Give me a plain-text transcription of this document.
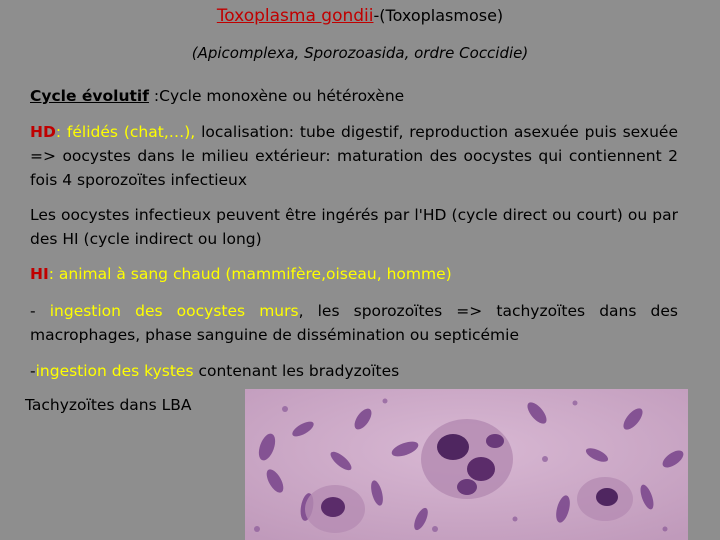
Toxoplasma gondii-(Toxoplasmose)
(Apicomplexa, Sporozoasida, ordre Coccidie)
Cycle évolutif :Cycle monoxène ou hétéroxène
HD: félidés (chat,…), localisation: tube digestif, reproduction asexuée puis sexuée => oocystes dans le milieu extérieur: maturation des oocystes qui contiennent 2 fois 4 sporozoïtes infectieux
Les oocystes infectieux peuvent être ingérés par l'HD (cycle direct ou court) ou par des HI (cycle indirect ou long)
HI: animal à sang chaud (mammifère,oiseau, homme)
- ingestion des oocystes murs, les sporozoïtes => tachyzoïtes dans des macrophages, phase sanguine de dissémination ou septicémie
-ingestion des kystes contenant les bradyzoïtes
Tachyzoïtes dans LBA
